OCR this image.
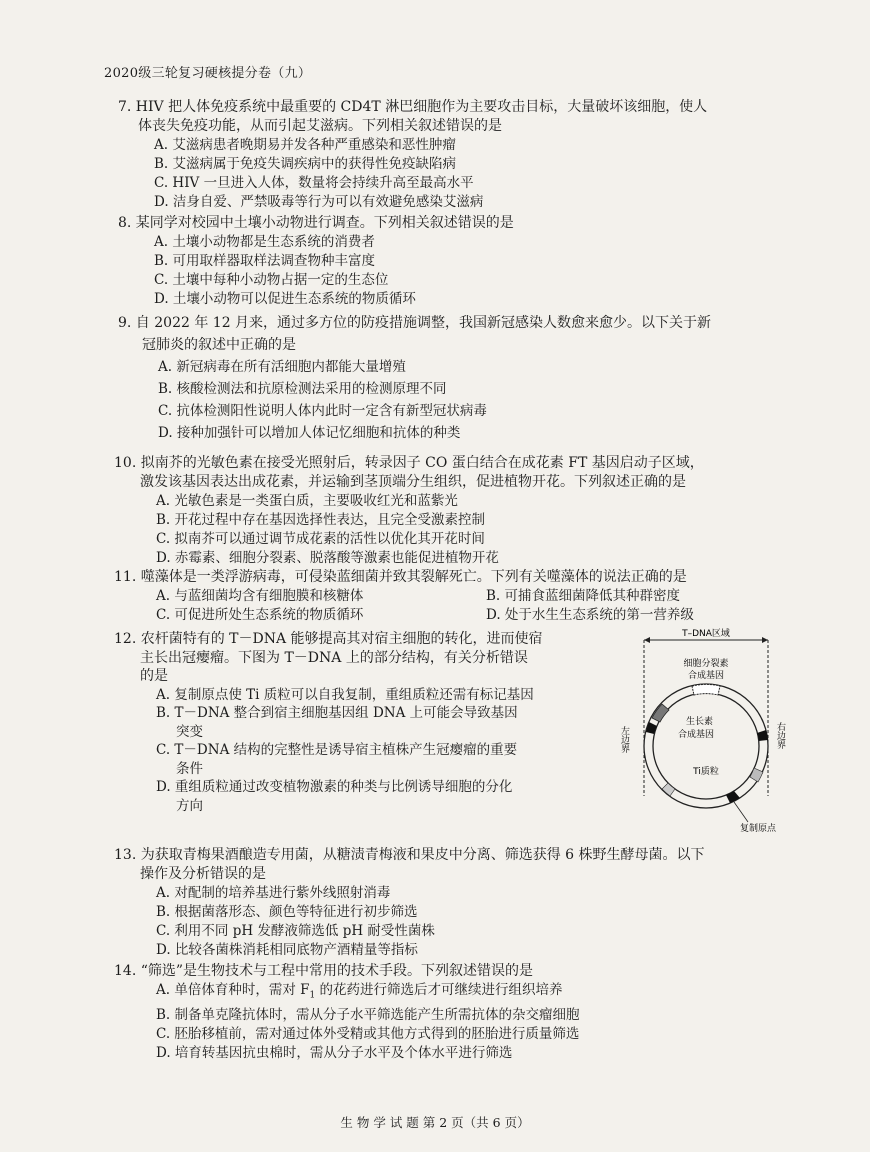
2020级三轮复习硬核提分卷（九）
7. HIV 把人体免疫系统中最重要的 CD4T 淋巴细胞作为主要攻击目标，大量破坏该细胞，使人
体丧失免疫功能，从而引起艾滋病。下列相关叙述错误的是
A. 艾滋病患者晚期易并发各种严重感染和恶性肿瘤
B. 艾滋病属于免疫失调疾病中的获得性免疫缺陷病
C. HIV 一旦进入人体，数量将会持续升高至最高水平
D. 洁身自爱、严禁吸毒等行为可以有效避免感染艾滋病
8. 某同学对校园中土壤小动物进行调查。下列相关叙述错误的是
A. 土壤小动物都是生态系统的消费者
B. 可用取样器取样法调查物种丰富度
C. 土壤中每种小动物占据一定的生态位
D. 土壤小动物可以促进生态系统的物质循环
9. 自 2022 年 12 月来，通过多方位的防疫措施调整，我国新冠感染人数愈来愈少。以下关于新
冠肺炎的叙述中正确的是
A. 新冠病毒在所有活细胞内都能大量增殖
B. 核酸检测法和抗原检测法采用的检测原理不同
C. 抗体检测阳性说明人体内此时一定含有新型冠状病毒
D. 接种加强针可以增加人体记忆细胞和抗体的种类
10. 拟南芥的光敏色素在接受光照射后，转录因子 CO 蛋白结合在成花素 FT 基因启动子区域，
激发该基因表达出成花素，并运输到茎顶端分生组织，促进植物开花。下列叙述正确的是
A. 光敏色素是一类蛋白质，主要吸收红光和蓝紫光
B. 开花过程中存在基因选择性表达，且完全受激素控制
C. 拟南芥可以通过调节成花素的活性以优化其开花时间
D. 赤霉素、细胞分裂素、脱落酸等激素也能促进植物开花
11. 噬藻体是一类浮游病毒，可侵染蓝细菌并致其裂解死亡。下列有关噬藻体的说法正确的是
A. 与蓝细菌均含有细胞膜和核糖体	B. 可捕食蓝细菌降低其种群密度
C. 可促进所处生态系统的物质循环	D. 处于水生生态系统的第一营养级
12. 农杆菌特有的 T－DNA 能够提高其对宿主细胞的转化，进而使宿
主长出冠瘿瘤。下图为 T－DNA 上的部分结构，有关分析错误
的是
A. 复制原点使 Ti 质粒可以自我复制，重组质粒还需有标记基因
B. T－DNA 整合到宿主细胞基因组 DNA 上可能会导致基因
突变
C. T－DNA 结构的完整性是诱导宿主植株产生冠瘿瘤的重要
条件
D. 重组质粒通过改变植物激素的种类与比例诱导细胞的分化
方向
T–DNA区域
细胞分裂素
合成基因
生长素
合成基因
Ti质粒
左边界	右边界
复制原点
13. 为获取青梅果酒酿造专用菌，从糖渍青梅液和果皮中分离、筛选获得 6 株野生酵母菌。以下
操作及分析错误的是
A. 对配制的培养基进行紫外线照射消毒
B. 根据菌落形态、颜色等特征进行初步筛选
C. 利用不同 pH 发酵液筛选低 pH 耐受性菌株
D. 比较各菌株消耗相同底物产酒精量等指标
14. “筛选”是生物技术与工程中常用的技术手段。下列叙述错误的是
A. 单倍体育种时，需对 $F_1$ 的花药进行筛选后才可继续进行组织培养
B. 制备单克隆抗体时，需从分子水平筛选能产生所需抗体的杂交瘤细胞
C. 胚胎移植前，需对通过体外受精或其他方式得到的胚胎进行质量筛选
D. 培育转基因抗虫棉时，需从分子水平及个体水平进行筛选
生 物 学 试 题 第 2 页（共 6 页）
